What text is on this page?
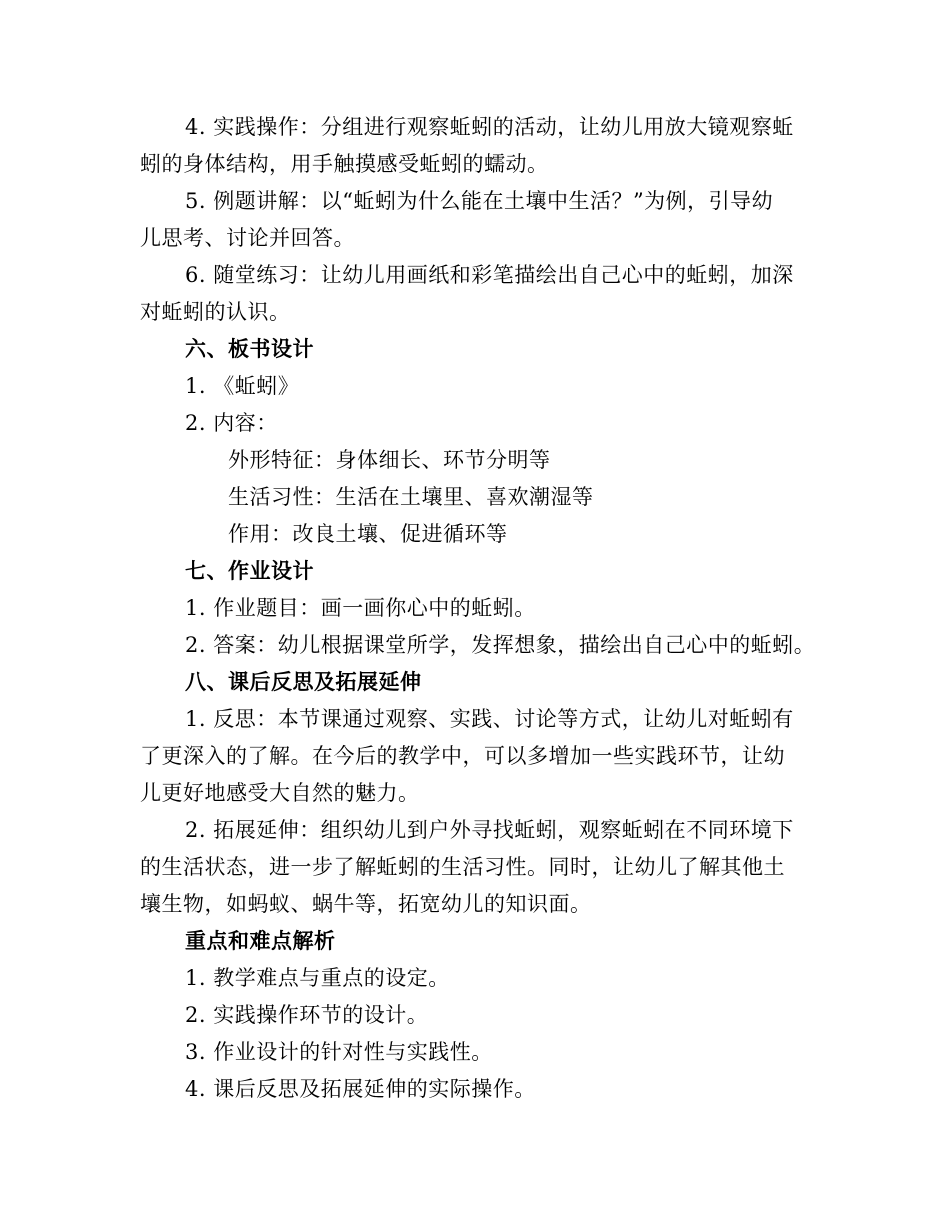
4. 实践操作：分组进行观察蚯蚓的活动，让幼儿用放大镜观察蚯
蚓的身体结构，用手触摸感受蚯蚓的蠕动。
5. 例题讲解：以“蚯蚓为什么能在土壤中生活？”为例，引导幼
儿思考、讨论并回答。
6. 随堂练习：让幼儿用画纸和彩笔描绘出自己心中的蚯蚓，加深
对蚯蚓的认识。
六、板书设计
1. 《蚯蚓》
2. 内容：
外形特征：身体细长、环节分明等
生活习性：生活在土壤里、喜欢潮湿等
作用：改良土壤、促进循环等
七、作业设计
1. 作业题目：画一画你心中的蚯蚓。
2. 答案：幼儿根据课堂所学，发挥想象，描绘出自己心中的蚯蚓。
八、课后反思及拓展延伸
1. 反思：本节课通过观察、实践、讨论等方式，让幼儿对蚯蚓有
了更深入的了解。在今后的教学中，可以多增加一些实践环节，让幼
儿更好地感受大自然的魅力。
2. 拓展延伸：组织幼儿到户外寻找蚯蚓，观察蚯蚓在不同环境下
的生活状态，进一步了解蚯蚓的生活习性。同时，让幼儿了解其他土
壤生物，如蚂蚁、蜗牛等，拓宽幼儿的知识面。
重点和难点解析
1. 教学难点与重点的设定。
2. 实践操作环节的设计。
3. 作业设计的针对性与实践性。
4. 课后反思及拓展延伸的实际操作。
